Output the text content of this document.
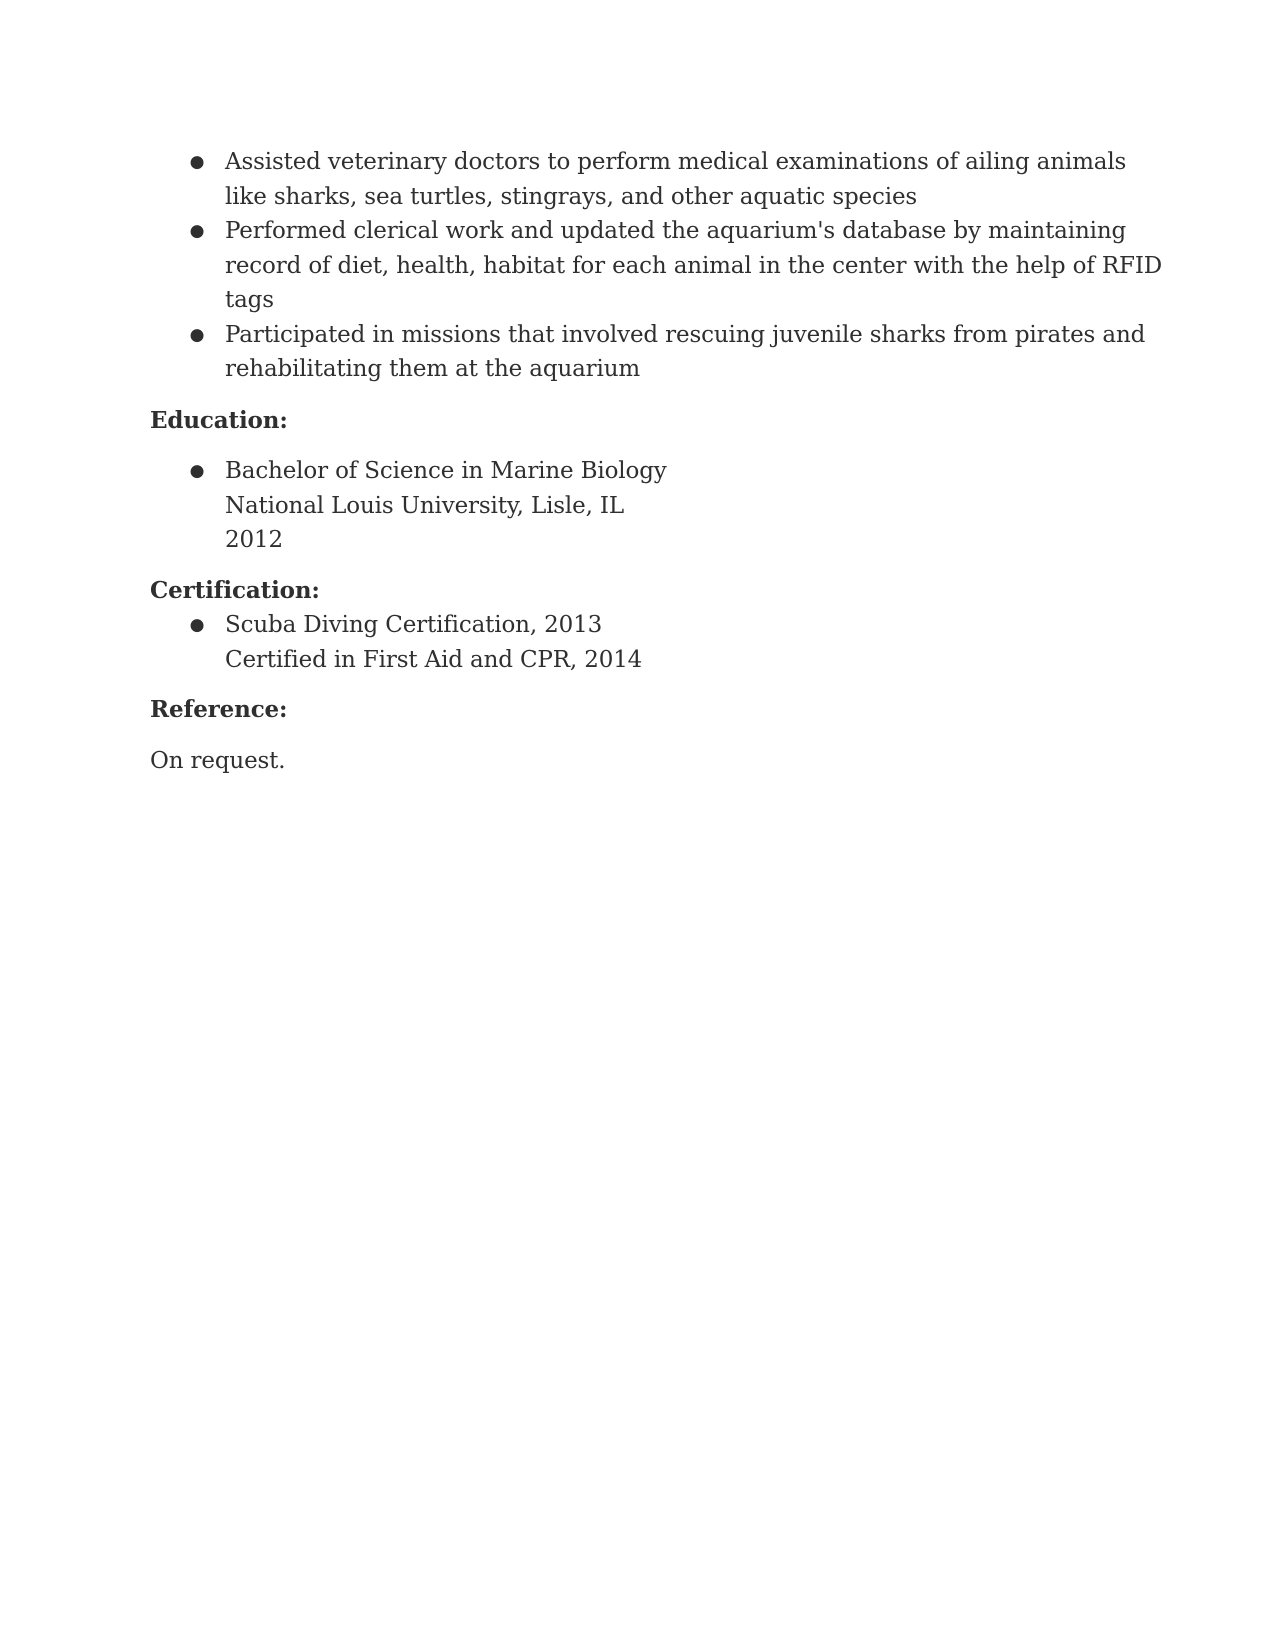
● Assisted veterinary doctors to perform medical examinations of ailing animals
like sharks, sea turtles, stingrays, and other aquatic species
● Performed clerical work and updated the aquarium's database by maintaining
record of diet, health, habitat for each animal in the center with the help of RFID
tags
● Participated in missions that involved rescuing juvenile sharks from pirates and
rehabilitating them at the aquarium
Education:
● Bachelor of Science in Marine Biology
National Louis University, Lisle, IL
2012
Certification:
● Scuba Diving Certification, 2013
Certified in First Aid and CPR, 2014
Reference:

On request.
